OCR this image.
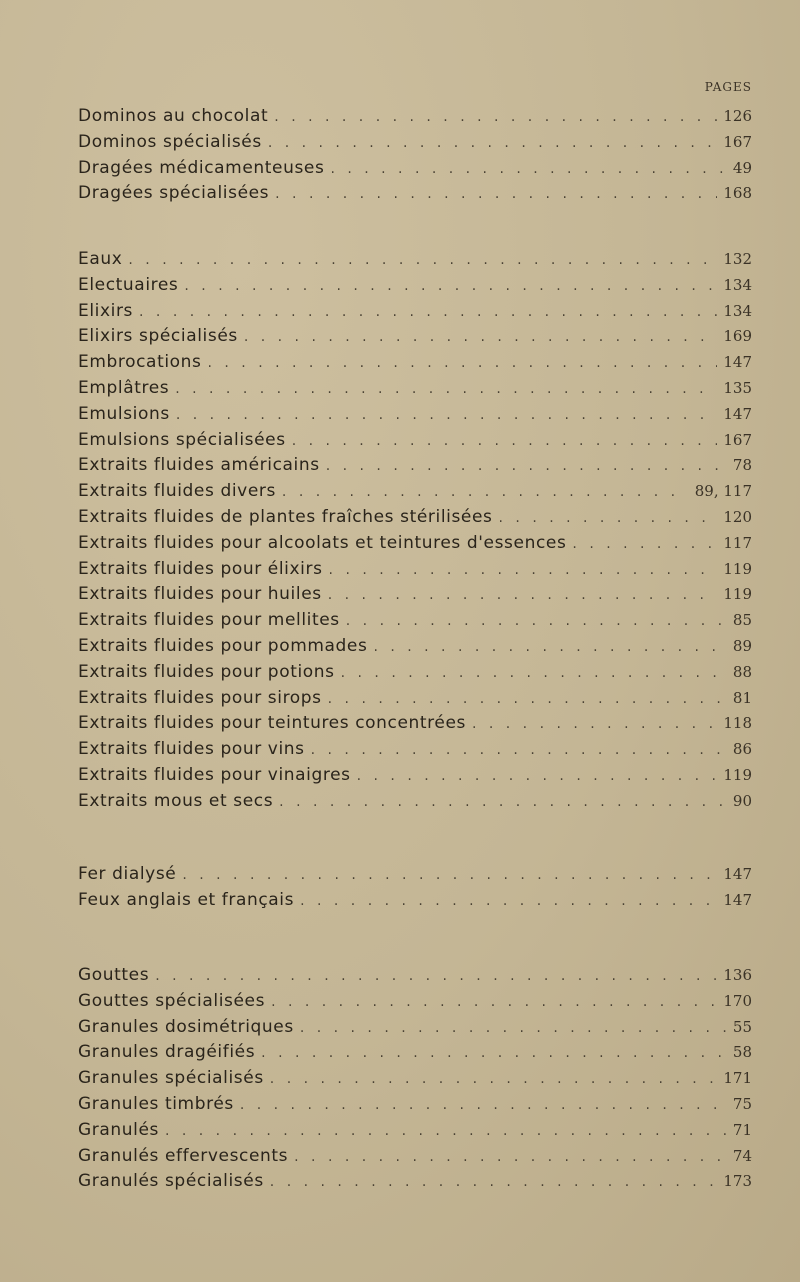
PAGES
Dominos au chocolat . . .	126
Dominos spécialisés . . .	167
Dragées médicamenteuses . . .	49
Dragées spécialisées . . .	168
Eaux . . .	132
Electuaires . . .	134
Elixirs . . .	134
Elixirs spécialisés . . .	169
Embrocations . . .	147
Emplâtres . . .	135
Emulsions . . .	147
Emulsions spécialisées . . .	167
Extraits fluides américains . . .	78
Extraits fluides divers . . .	89, 117
Extraits fluides de plantes fraîches stérilisées . . .	120
Extraits fluides pour alcoolats et teintures d'essences . . .	117
Extraits fluides pour élixirs . . .	119
Extraits fluides pour huiles . . .	119
Extraits fluides pour mellites . . .	85
Extraits fluides pour pommades . . .	89
Extraits fluides pour potions . . .	88
Extraits fluides pour sirops . . .	81
Extraits fluides pour teintures concentrées . . .	118
Extraits fluides pour vins . . .	86
Extraits fluides pour vinaigres . . .	119
Extraits mous et secs . . .	90
Fer dialysé . . .	147
Feux anglais et français . . .	147
Gouttes . . .	136
Gouttes spécialisées . . .	170
Granules dosimétriques . . .	55
Granules dragéifiés . . .	58
Granules spécialisés . . .	171
Granules timbrés . . .	75
Granulés . . .	71
Granulés effervescents . . .	74
Granulés spécialisés . . .	173
